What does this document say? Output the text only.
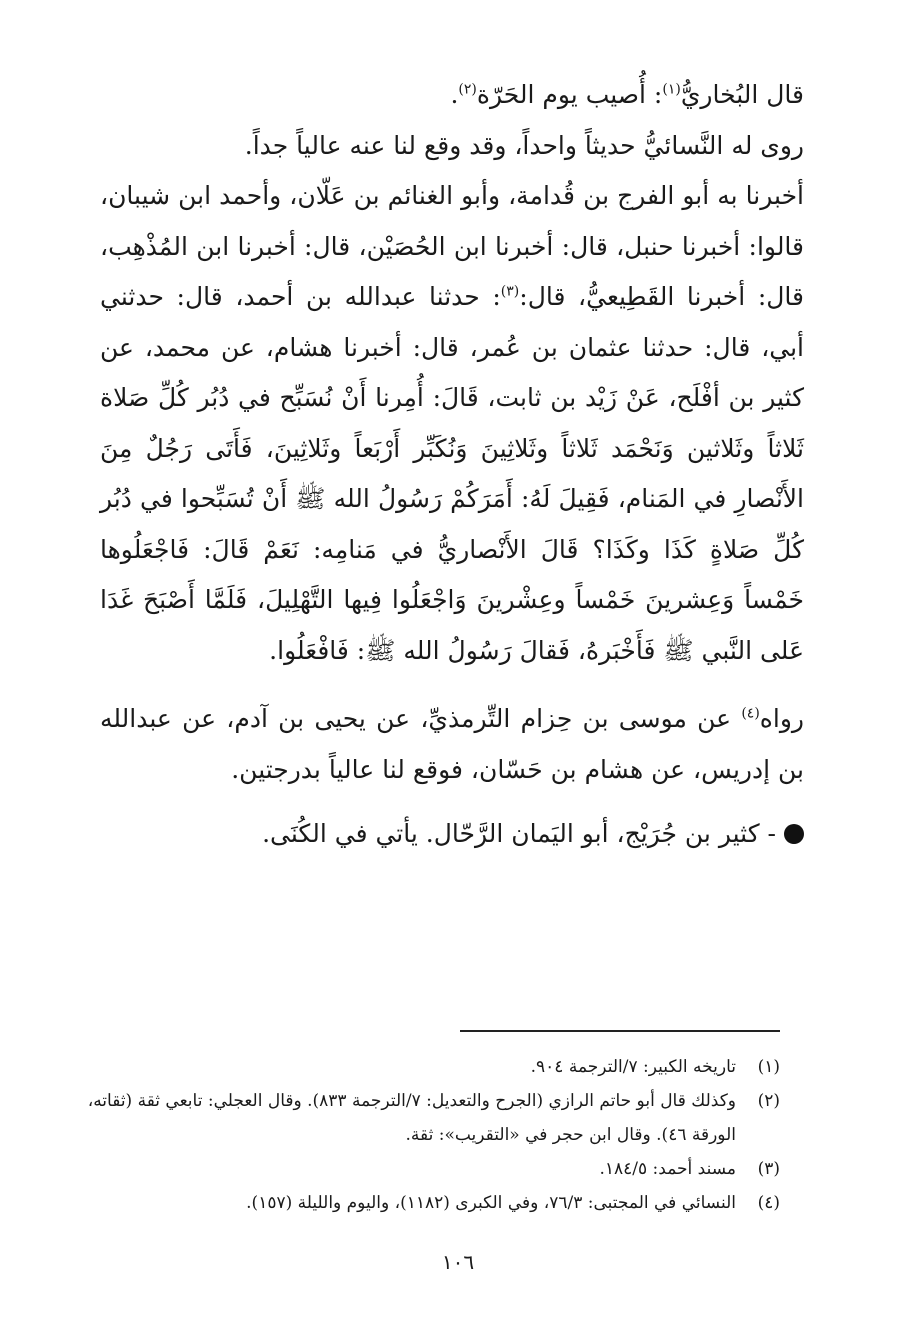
قال البُخاريُّ$^{(١)}$: أُصيب يوم الحَرّة$^{(٢)}$.

روى له النَّسائيُّ حديثاً واحداً، وقد وقع لنا عنه عالياً جداً.

أخبرنا به أبو الفرج بن قُدامة، وأبو الغنائم بن عَلّان، وأحمد ابن شيبان، قالوا: أخبرنا حنبل، قال: أخبرنا ابن الحُصَيْن، قال: أخبرنا ابن المُذْهِب، قال: أخبرنا القَطِيعيُّ، قال:$^{(٣)}$: حدثنا عبدالله بن أحمد، قال: حدثني أبي، قال: حدثنا عثمان بن عُمر، قال: أخبرنا هشام، عن محمد، عن كثير بن أفْلَح، عَنْ زَيْد بن ثابت، قَالَ: أُمِرنا أَنْ نُسَبِّح في دُبُر كُلِّ صَلاة ثَلاثاً وثَلاثين وَنَحْمَد ثَلاثاً وثَلاثِينَ وَنُكَبِّر أَرْبَعاً وثَلاثِينَ، فَأَتَى رَجُلٌ مِنَ الأَنْصارِ في المَنام، فَقِيلَ لَهُ: أَمَرَكُمْ رَسُولُ الله ﷺ أَنْ تُسَبِّحوا في دُبُر كُلِّ صَلاةٍ كَذَا وكَذَا؟ قَالَ الأَنْصاريُّ في مَنامِه: نَعَمْ قَالَ: فَاجْعَلُوها خَمْساً وَعِشرينَ خَمْساً وعِشْرينَ وَاجْعَلُوا فِيها التَّهْلِيلَ، فَلَمَّا أَصْبَحَ غَدَا عَلى النَّبي ﷺ فَأَخْبَرهُ، فَقالَ رَسُولُ الله ﷺ: فَافْعَلُوا.

رواه$^{(٤)}$ عن موسى بن حِزام التِّرمذيِّ، عن يحيى بن آدم، عن عبدالله بن إدريس، عن هشام بن حَسّان، فوقع لنا عالياً بدرجتين.

- كثير بن جُرَيْج، أبو اليَمان الرَّحّال. يأتي في الكُنَى.

(١)
تاريخه الكبير: ٧/الترجمة ٩٠٤.
(٢)
وكذلك قال أبو حاتم الرازي (الجرح والتعديل: ٧/الترجمة ٨٣٣). وقال العجلي: تابعي ثقة (ثقاته، الورقة ٤٦). وقال ابن حجر في «التقريب»: ثقة.
(٣)
مسند أحمد: ١٨٤/٥.
(٤)
النسائي في المجتبى: ٧٦/٣، وفي الكبرى (١١٨٢)، واليوم والليلة (١٥٧).
١٠٦
